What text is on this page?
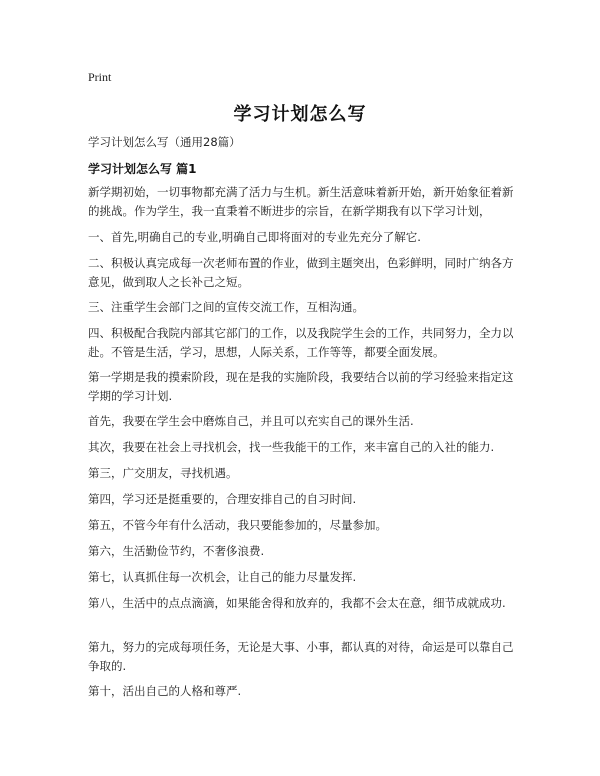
Print
学习计划怎么写
学习计划怎么写（通用28篇）
学习计划怎么写 篇1

新学期初始，一切事物都充满了活力与生机。新生活意味着新开始，新开始象征着新的挑战。作为学生，我一直秉着不断进步的宗旨，在新学期我有以下学习计划，

一、首先,明确自己的专业,明确自己即将面对的专业先充分了解它.

二、积极认真完成每一次老师布置的作业，做到主题突出，色彩鲜明，同时广纳各方意见，做到取人之长补己之短。

三、注重学生会部门之间的宣传交流工作，互相沟通。

四、积极配合我院内部其它部门的工作，以及我院学生会的工作，共同努力，全力以赴。不管是生活，学习，思想，人际关系，工作等等，都要全面发展。

第一学期是我的摸索阶段，现在是我的实施阶段，我要结合以前的学习经验来指定这学期的学习计划.

首先，我要在学生会中磨炼自己，并且可以充实自己的课外生活.

其次，我要在社会上寻找机会，找一些我能干的工作，来丰富自己的入社的能力.

第三，广交朋友，寻找机遇。

第四，学习还是挺重要的，合理安排自己的自习时间.

第五，不管今年有什么活动，我只要能参加的，尽量参加。

第六，生活勤俭节约，不奢侈浪费.

第七，认真抓住每一次机会，让自己的能力尽量发挥.

第八，生活中的点点滴滴，如果能舍得和放弃的，我都不会太在意，细节成就成功.

第九，努力的完成每项任务，无论是大事、小事，都认真的对待，命运是可以靠自己争取的.

第十，活出自己的人格和尊严.
